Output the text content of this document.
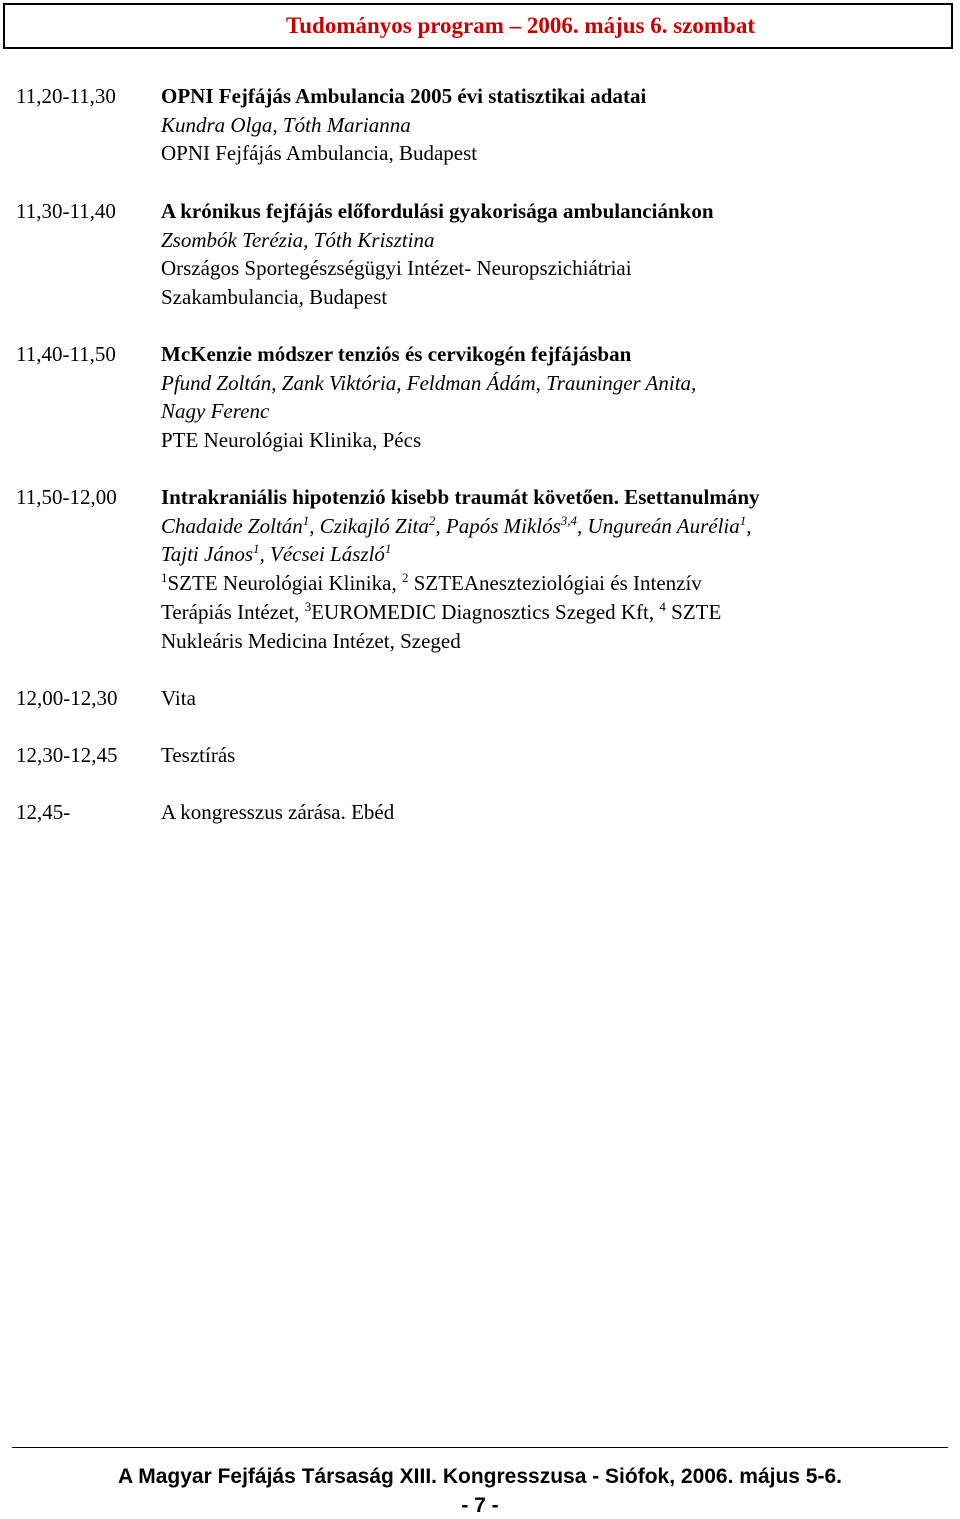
Tudományos program – 2006. május 6. szombat
11,20-11,30	OPNI Fejfájás Ambulancia 2005 évi statisztikai adatai
Kundra Olga, Tóth Marianna
OPNI Fejfájás Ambulancia, Budapest
11,30-11,40	A krónikus fejfájás előfordulási gyakorisága ambulanciánkon
Zsombók Terézia, Tóth Krisztina
Országos Sportegészségügyi Intézet- Neuropszichiátriai
Szakambulancia, Budapest
11,40-11,50	McKenzie módszer tenziós és cervikogén fejfájásban
Pfund Zoltán, Zank Viktória, Feldman Ádám, Trauninger Anita,
Nagy Ferenc
PTE Neurológiai Klinika, Pécs
11,50-12,00	Intrakraniális hipotenzió kisebb traumát követően. Esettanulmány
Chadaide Zoltán$^1$, Czikajló Zita$^2$, Papós Miklós$^{3,4}$, Ungureán Aurélia$^1$,
Tajti János$^1$, Vécsei László$^1$
$^1$SZTE Neurológiai Klinika, $^2$ SZTEAneszteziológiai és Intenzív
Terápiás Intézet, $^3$EUROMEDIC Diagnosztics Szeged Kft, $^4$ SZTE
Nukleáris Medicina Intézet, Szeged
12,00-12,30	Vita
12,30-12,45	Tesztírás
12,45-	A kongresszus zárása. Ebéd
A Magyar Fejfájás Társaság XIII. Kongresszusa - Siófok, 2006. május 5-6.
- 7 -
